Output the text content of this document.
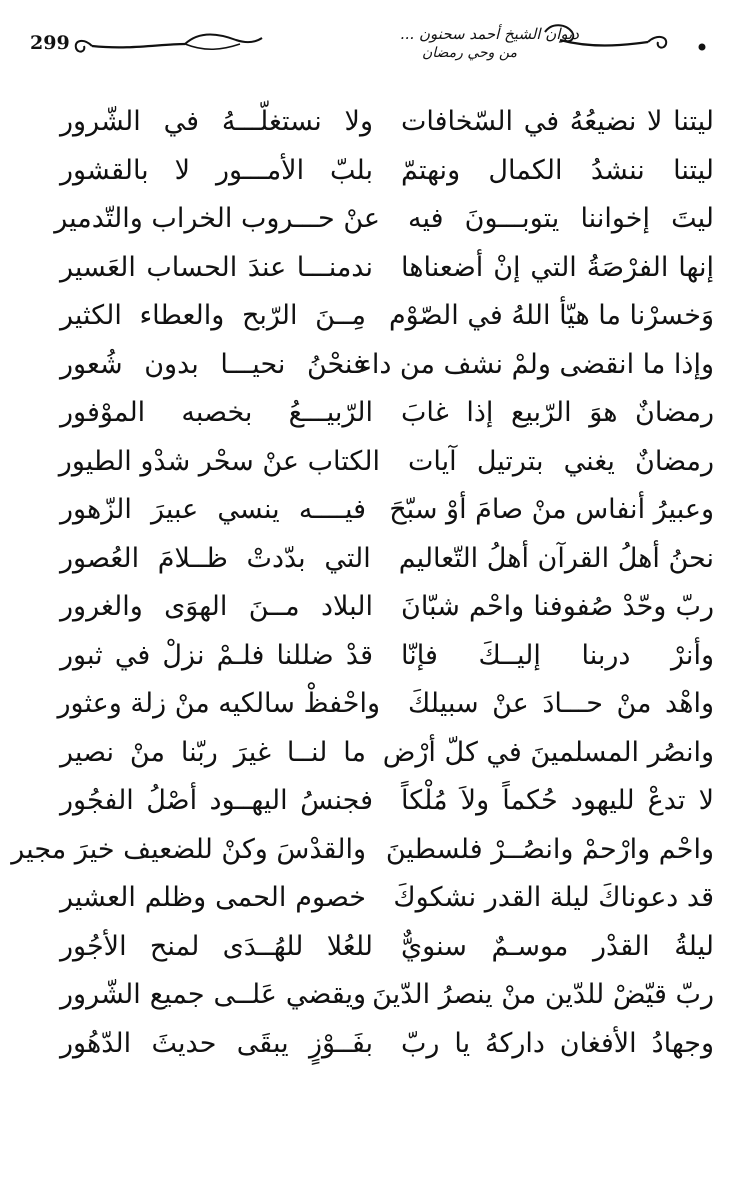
299	ديوان الشيخ أحمد سحنون ...
من وحي رمضان
ليتنا لا نضيعُهُ في السّخافات
ولا نستغلّـــهُ في الشّرور
ليتنا ننشدُ الكمال ونهتمّ
بلبّ الأمـــور لا بالقشور
ليتَ إخواننا يتوبـــونَ فيه
عنْ حـــروب الخراب والتّدمير
إنها الفرْصَةُ التي إنْ أضعناها
ندمنـــا عندَ الحساب العَسير
وَخسرْنا ما هيّأ اللهُ في الصّوْم
مِــنَ الرّبح والعطاء الكثير
وإذا ما انقضى ولمْ نشف من داء
فنحْنُ نحيـــا بدون شُعور
رمضانٌ هوَ الرّبيع إذا غابَ
الرّبيـــعُ بخصبه الموْفور
رمضانٌ يغني بترتيل آيات
الكتاب عنْ سحْر شدْو الطيور
وعبيرُ أنفاس منْ صامَ أوْ سبّحَ
فيــــه ينسي عبيرَ الزّهور
نحنُ أهلُ القرآن أهلُ التّعاليم
التي بدّدتْ ظــلامَ العُصور
ربّ وحّدْ صُفوفنا واحْم شبّانَ
البلاد مــنَ الهوَى والغرور
وأنرْ دربنا إليــكَ فإنّا
قدْ ضللنا فلـمْ نزلْ في ثبور
واهْد منْ حـــادَ عنْ سبيلكَ
واحْفظْ سالكيه منْ زلة وعثور
وانصُر المسلمينَ في كلّ أرْض
ما لنــا غيرَ ربّنا منْ نصير
لا تدعْ لليهود حُكماً ولاَ مُلْكاً
فجنسُ اليهــود أصْلُ الفجُور
واحْم وارْحمْ وانصُــرْ فلسطينَ
والقدْسَ وكنْ للضعيف خيرَ مجير
قد دعوناكَ ليلة القدر نشكوكَ
خصوم الحمى وظلم العشير
ليلةُ القدْر موسـمٌ سنويٌّ
للعُلا للهُــدَى لمنح الأجُور
ربّ قيّضْ للدّين منْ ينصرُ الدّينَ
ويقضي عَلــى جميع الشّرور
وجهادُ الأفغان داركهُ يا ربّ
بفَــوْزٍ يبقَى حديثَ الدّهُور
